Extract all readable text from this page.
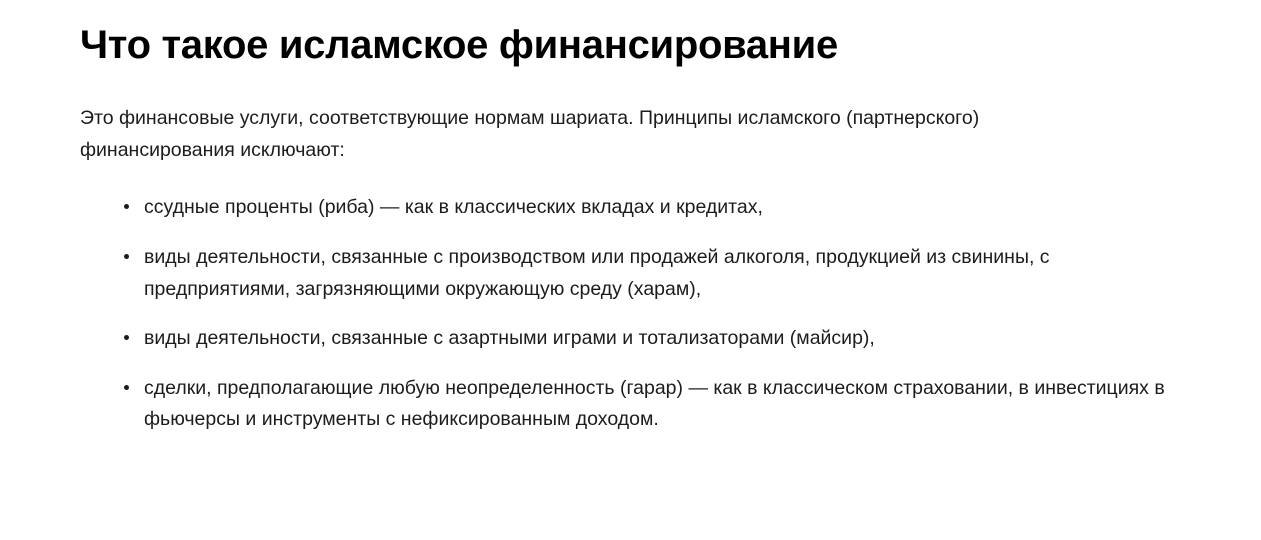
Что такое исламское финансирование

Это финансовые услуги, соответствующие нормам шариата. Принципы исламского (партнерского) финансирования исключают:

ссудные проценты (риба) — как в классических вкладах и кредитах,
виды деятельности, связанные с производством или продажей алкоголя, продукцией из свинины, с предприятиями, загрязняющими окружающую среду (харам),
виды деятельности, связанные с азартными играми и тотализаторами (майсир),
сделки, предполагающие любую неопределенность (гарар) — как в классическом страховании, в инвестициях в фьючерсы и инструменты с нефиксированным доходом.
